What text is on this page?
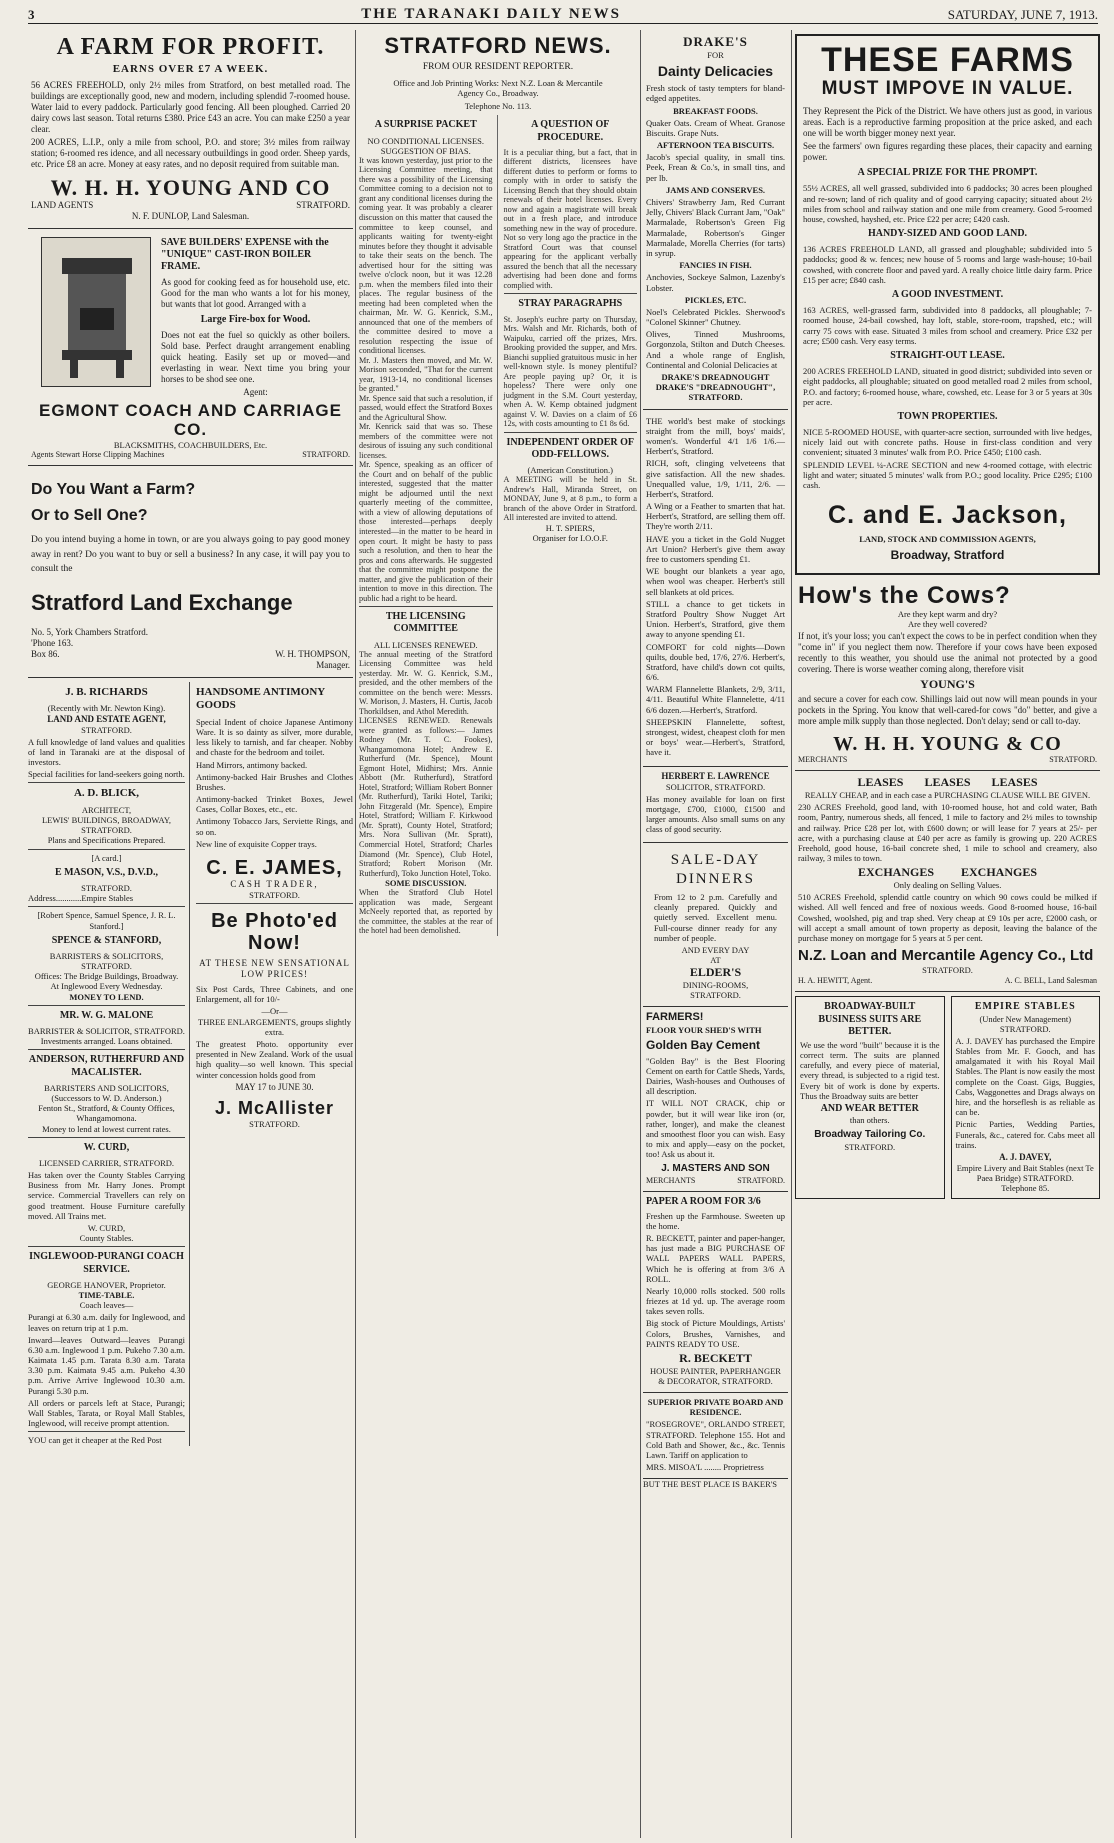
3	THE TARANAKI DAILY NEWS	SATURDAY, JUNE 7, 1913.
A FARM FOR PROFIT.
EARNS OVER £7 A WEEK.
56 ACRES FREEHOLD, only 2½ miles from Stratford, on best metalled road. The buildings are exceptionally good, new and modern, including splendid 7-roomed house. Water laid to every paddock. Particularly good fencing. All been ploughed. Carried 20 dairy cows last season. Total returns £380. Price £43 an acre. You can make £250 a year clear.
200 ACRES, L.I.P., only a mile from school, P.O. and store; 3½ miles from railway station; 6-roomed res idence, and all necessary outbuildings in good order. Sheep yards, etc. Price £8 an acre. Money at easy rates, and no deposit required from suitable man.
W. H. H. YOUNG AND CO
LAND AGENTS	STRATFORD.
N. F. DUNLOP, Land Salesman.
SAVE BUILDERS' EXPENSE with the "UNIQUE" CAST-IRON BOILER FRAME.
As good for cooking feed as for household use, etc. Good for the man who wants a lot for his money, but wants that lot good. Arranged with a
Large Fire-box for Wood.
Does not eat the fuel so quickly as other boilers. Sold base. Perfect draught arrangement enabling quick heating. Easily set up or moved—and everlasting in wear. Next time you bring your horses to be shod see one.
Agent:
EGMONT COACH AND CARRIAGE CO.
BLACKSMITHS, COACHBUILDERS, Etc.
Agents Stewart Horse Clipping Machines	STRATFORD.
Do You Want a Farm?
Or to Sell One?
Do you intend buying a home in town, or are you always going to pay good money away in rent? Do you want to buy or sell a business? In any case, it will pay you to consult the
Stratford Land Exchange
No. 5, York Chambers Stratford.
'Phone 163.
Box 86.	W. H. THOMPSON,
Manager.
J. B. RICHARDS
(Recently with Mr. Newton King).
LAND AND ESTATE AGENT,
STRATFORD.
A full knowledge of land values and qualities of land in Taranaki are at the disposal of investors.
Special facilities for land-seekers going north.
A. D. BLICK,
ARCHITECT,
LEWIS' BUILDINGS, BROADWAY, STRATFORD.
Plans and Specifications Prepared.
[A card.]
E MASON, V.S., D.V.D.,
STRATFORD.
Address............Empire Stables
[Robert Spence, Samuel Spence, J. R. L. Stanford.]
SPENCE & STANFORD,
BARRISTERS & SOLICITORS, STRATFORD.
Offices: The Bridge Buildings, Broadway.
At Inglewood Every Wednesday.
MONEY TO LEND.
MR. W. G. MALONE
BARRISTER & SOLICITOR, STRATFORD.
Investments arranged. Loans obtained.
ANDERSON, RUTHERFURD AND MACALISTER.
BARRISTERS AND SOLICITORS, (Successors to W. D. Anderson.)
Fenton St., Stratford, & County Offices, Whangamomona.
Money to lend at lowest current rates.
W. CURD,
LICENSED CARRIER, STRATFORD.
Has taken over the County Stables Carrying Business from Mr. Harry Jones. Prompt service. Commercial Travellers can rely on good treatment. House Furniture carefully moved. All Trains met.
W. CURD,
County Stables.
INGLEWOOD-PURANGI COACH SERVICE.
GEORGE HANOVER, Proprietor.
TIME-TABLE.
Coach leaves—
Purangi at 6.30 a.m. daily for Inglewood, and leaves on return trip at 1 p.m.
Inward—leaves Outward—leaves Purangi 6.30 a.m. Inglewood 1 p.m. Pukeho 7.30 a.m. Kaimata 1.45 p.m. Tarata 8.30 a.m. Tarata 3.30 p.m. Kaimata 9.45 a.m. Pukeho 4.30 p.m. Arrive Arrive Inglewood 10.30 a.m. Purangi 5.30 p.m.
All orders or parcels left at Stace, Purangi; Wall Stables, Tarata, or Royal Mall Stables, Inglewood, will receive prompt attention.
YOU can get it cheaper at the Red Post
HANDSOME ANTIMONY GOODS
Special Indent of choice Japanese Antimony Ware. It is so dainty as silver, more durable, less likely to tarnish, and far cheaper. Nobby and chaste for the bedroom and toilet.
Hand Mirrors, antimony backed.
Antimony-backed Hair Brushes and Clothes Brushes.
Antimony-backed Trinket Boxes, Jewel Cases, Collar Boxes, etc., etc.
Antimony Tobacco Jars, Serviette Rings, and so on.
New line of exquisite Copper trays.
C. E. JAMES,
CASH TRADER,
STRATFORD.
Be Photo'ed Now!
AT THESE NEW SENSATIONAL LOW PRICES!
Six Post Cards, Three Cabinets, and one Enlargement, all for 10/-
—Or—
THREE ENLARGEMENTS, groups slightly extra.
The greatest Photo. opportunity ever presented in New Zealand. Work of the usual high quality—so well known. This special winter concession holds good from
MAY 17 to JUNE 30.
J. McAllister
STRATFORD.
STRATFORD NEWS.
FROM OUR RESIDENT REPORTER.
Office and Job Printing Works: Next N.Z. Loan & Mercantile Agency Co., Broadway.
Telephone No. 113.
A SURPRISE PACKET
NO CONDITIONAL LICENSES.
SUGGESTION OF BIAS.
It was known yesterday, just prior to the Licensing Committee meeting, that there was a possibility of the Licensing Committee coming to a decision not to grant any conditional licenses during the coming year. It was probably a clearer discussion on this matter that caused the committee to keep counsel, and applicants waiting for twenty-eight minutes before they thought it advisable to take their seats on the bench. The advertised hour for the sitting was twelve o'clock noon, but it was 12.28 p.m. when the members filed into their places. The regular business of the meeting had been completed when the chairman, Mr. W. G. Kenrick, S.M., announced that one of the members of the committee desired to move a resolution respecting the issue of conditional licenses.
Mr. J. Masters then moved, and Mr. W. Morison seconded, "That for the current year, 1913-14, no conditional licenses be granted."
Mr. Spence said that such a resolution, if passed, would effect the Stratford Boxes and the Agricultural Show.
Mr. Kenrick said that was so. These members of the committee were not desirous of issuing any such conditional licenses.
Mr. Spence, speaking as an officer of the Court and on behalf of the public interested, suggested that the matter might be adjourned until the next quarterly meeting of the committee, with a view of allowing deputations of those interested—perhaps deeply interested—in the matter to be heard in open court. It might be hasty to pass such a resolution, and then to hear the pros and cons afterwards. He suggested that the committee might postpone the matter, and give the publication of their intention to move in this direction. The public had a right to be heard.
THE LICENSING COMMITTEE
ALL LICENSES RENEWED.
The annual meeting of the Stratford Licensing Committee was held yesterday. Mr. W. G. Kenrick, S.M., presided, and the other members of the committee on the bench were: Messrs. W. Morison, J. Masters, H. Curtis, Jacob Thorkildsen, and Athol Meredith.
LICENSES RENEWED. Renewals were granted as follows:— James Rodney (Mr. T. C. Fookes), Whangamomona Hotel; Andrew E. Rutherfurd (Mr. Spence), Mount Egmont Hotel, Midhirst; Mrs. Annie Abbott (Mr. Rutherfurd), Stratford Hotel, Stratford; William Robert Bonner (Mr. Rutherfurd), Tariki Hotel, Tariki; John Fitzgerald (Mr. Spence), Empire Hotel, Stratford; William F. Kirkwood (Mr. Spratt), County Hotel, Stratford; Mrs. Nora Sullivan (Mr. Spratt), Commercial Hotel, Stratford; Charles Diamond (Mr. Spence), Club Hotel, Stratford; Robert Morison (Mr. Rutherfurd), Toko Junction Hotel, Toko.
SOME DISCUSSION.
When the Stratford Club Hotel application was made, Sergeant McNeely reported that, as reported by the committee, the stables at the rear of the hotel had been demolished.
A QUESTION OF PROCEDURE.
It is a peculiar thing, but a fact, that in different districts, licensees have different duties to perform or forms to comply with in order to satisfy the Licensing Bench that they should obtain renewals of their hotel licenses. Every now and again a magistrate will break out in a fresh place, and introduce something new in the way of procedure. Not so very long ago the practice in the Stratford Court was that counsel appearing for the applicant verbally assured the bench that all the necessary advertising had been done and forms complied with.
STRAY PARAGRAPHS
St. Joseph's euchre party on Thursday, Mrs. Walsh and Mr. Richards, both of Waipuku, carried off the prizes, Mrs. Brooking provided the supper, and Mrs. Bianchi supplied gratuitous music in her well-known style. Is money plentiful? Are people paying up? Or, it is hopeless? There were only one judgment in the S.M. Court yesterday, when A. W. Kemp obtained judgment against V. W. Davies on a claim of £6 12s, with costs amounting to £1 8s 6d.
INDEPENDENT ORDER OF ODD-FELLOWS.
(American Constitution.)
A MEETING will be held in St. Andrew's Hall, Miranda Street, on MONDAY, June 9, at 8 p.m., to form a branch of the above Order in Stratford. All interested are invited to attend.
H. T. SPIERS,
Organiser for I.O.O.F.
DRAKE'S
FOR
Dainty Delicacies
Fresh stock of tasty tempters for bland-edged appetites.
BREAKFAST FOODS.
Quaker Oats. Cream of Wheat. Granose Biscuits. Grape Nuts.
AFTERNOON TEA BISCUITS.
Jacob's special quality, in small tins. Peek, Frean & Co.'s, in small tins, and per lb.
JAMS AND CONSERVES.
Chivers' Strawberry Jam, Red Currant Jelly, Chivers' Black Currant Jam, "Oak" Marmalade, Robertson's Green Fig Marmalade, Robertson's Ginger Marmalade, Morella Cherries (for tarts) in syrup.
FANCIES IN FISH.
Anchovies, Sockeye Salmon, Lazenby's Lobster.
PICKLES, ETC.
Noel's Celebrated Pickles. Sherwood's "Colonel Skinner" Chutney.
Olives, Tinned Mushrooms, Gorgonzola, Stilton and Dutch Cheeses. And a whole range of English, Continental and Colonial Delicacies at
DRAKE'S DREADNOUGHT DRAKE'S "DREADNOUGHT", STRATFORD.
THE world's best make of stockings straight from the mill, boys' maids', women's. Wonderful 4/1 1/6 1/6.—Herbert's, Stratford.
RICH, soft, clinging velveteens that give satisfaction. All the new shades. Unequalled value, 1/9, 1/11, 2/6. —Herbert's, Stratford.
A Wing or a Feather to smarten that hat. Herbert's, Stratford, are selling them off. They're worth 2/11.
HAVE you a ticket in the Gold Nugget Art Union? Herbert's give them away free to customers spending £1.
WE bought our blankets a year ago, when wool was cheaper. Herbert's still sell blankets at old prices.
STILL a chance to get tickets in Stratford Poultry Show Nugget Art Union. Herbert's, Stratford, give them away to anyone spending £1.
COMFORT for cold nights—Down quilts, double bed, 17/6, 27/6. Herbert's, Stratford, have child's down cot quilts, 6/6.
WARM Flannelette Blankets, 2/9, 3/11, 4/11. Beautiful White Flannelette, 4/11 6/6 dozen.—Herbert's, Stratford.
SHEEPSKIN Flannelette, softest, strongest, widest, cheapest cloth for men or boys' wear.—Herbert's, Stratford, have it.
HERBERT E. LAWRENCE
SOLICITOR, STRATFORD.
Has money available for loan on first mortgage, £700, £1000, £1500 and larger amounts. Also small sums on any class of good security.
SALE-DAY DINNERS
From 12 to 2 p.m. Carefully and cleanly prepared. Quickly and quietly served. Excellent menu. Full-course dinner ready for any number of people.
AND EVERY DAY
AT
ELDER'S
DINING-ROOMS,
STRATFORD.
FARMERS!
FLOOR YOUR SHED'S WITH
Golden Bay Cement
"Golden Bay" is the Best Flooring Cement on earth for Cattle Sheds, Yards, Dairies, Wash-houses and Outhouses of all description.
IT WILL NOT CRACK, chip or powder, but it will wear like iron (or, rather, longer), and make the cleanest and smoothest floor you can wish. Easy to mix and apply—easy on the pocket, too! Ask us about it.
J. MASTERS AND SON
MERCHANTS	STRATFORD.
PAPER A ROOM FOR 3/6
Freshen up the Farmhouse. Sweeten up the home.
R. BECKETT, painter and paper-hanger, has just made a BIG PURCHASE OF WALL PAPERS WALL PAPERS, Which he is offering at from 3/6 A ROLL.
Nearly 10,000 rolls stocked. 500 rolls friezes at 1d yd. up. The average room takes seven rolls.
Big stock of Picture Mouldings, Artists' Colors, Brushes, Varnishes, and PAINTS READY TO USE.
R. BECKETT
HOUSE PAINTER, PAPERHANGER & DECORATOR, STRATFORD.
SUPERIOR PRIVATE BOARD AND RESIDENCE.
"ROSEGROVE", ORLANDO STREET, STRATFORD. Telephone 155. Hot and Cold Bath and Shower, &c., &c. Tennis Lawn. Tariff on application to
MRS. MISOA'L ........ Proprietress
BUT THE BEST PLACE IS BAKER'S
THESE FARMS
MUST IMPOVE IN VALUE.
They Represent the Pick of the District. We have others just as good, in various areas. Each is a reproductive farming proposition at the price asked, and each one will be worth bigger money next year.
See the farmers' own figures regarding these places, their capacity and earning power.
A SPECIAL PRIZE FOR THE PROMPT.
55½ ACRES, all well grassed, subdivided into 6 paddocks; 30 acres been ploughed and re-sown; land of rich quality and of good carrying capacity; situated about 2½ miles from school and railway station and one mile from creamery. Good 5-roomed house, cowshed, hayshed, etc. Price £22 per acre; £420 cash.
HANDY-SIZED AND GOOD LAND.
136 ACRES FREEHOLD LAND, all grassed and ploughable; subdivided into 5 paddocks; good & w. fences; new house of 5 rooms and large wash-house; 10-bail cowshed, with concrete floor and paved yard. A really choice little dairy farm. Price £15 per acre; £840 cash.
A GOOD INVESTMENT.
163 ACRES, well-grassed farm, subdivided into 8 paddocks, all ploughable; 7-roomed house, 24-bail cowshed, hay loft, stable, store-room, trapshed, etc.; will carry 75 cows with ease. Situated 3 miles from school and creamery. Price £32 per acre; £500 cash. Very easy terms.
STRAIGHT-OUT LEASE.
200 ACRES FREEHOLD LAND, situated in good district; subdivided into seven or eight paddocks, all ploughable; situated on good metalled road 2 miles from school, P.O. and factory; 6-roomed house, whare, cowshed, etc. Lease for 3 or 5 years at 30s per acre.
TOWN PROPERTIES.
NICE 5-ROOMED HOUSE, with quarter-acre section, surrounded with live hedges, nicely laid out with concrete paths. House in first-class condition and very convenient; situated 3 minutes' walk from P.O. Price £450; £100 cash.
SPLENDID LEVEL ¼-ACRE SECTION and new 4-roomed cottage, with electric light and water; situated 5 minutes' walk from P.O.; good locality. Price £295; £100 cash.
C. and E. Jackson,
LAND, STOCK AND COMMISSION AGENTS,
Broadway, Stratford
How's the Cows?
Are they kept warm and dry?
Are they well covered?
If not, it's your loss; you can't expect the cows to be in perfect condition when they "come in" if you neglect them now. Therefore if your cows have been exposed recently to this weather, you should use the animal not protected by a good covering. There is worse weather coming along, therefore visit
YOUNG'S
and secure a cover for each cow. Shillings laid out now will mean pounds in your pockets in the Spring. You know that well-cared-for cows "do" better, and give a more ample milk supply than those neglected. Don't delay; send or call to-day.
W. H. H. YOUNG & CO
MERCHANTS	STRATFORD.
LEASES LEASES LEASES
REALLY CHEAP, and in each case a PURCHASING CLAUSE WILL BE GIVEN.
230 ACRES Freehold, good land, with 10-roomed house, hot and cold water, Bath room, Pantry, numerous sheds, all fenced, 1 mile to factory and 2½ miles to township and railway. Price £28 per lot, with £600 down; or will lease for 7 years at 25/- per acre, with a purchasing clause at £40 per acre as family is growing up. 220 ACRES Freehold, good house, 16-bail concrete shed, 1 mile to school and creamery, also railway, 3 miles to town.
EXCHANGES EXCHANGES
Only dealing on Selling Values.
510 ACRES Freehold, splendid cattle country on which 90 cows could be milked if wished. All well fenced and free of noxious weeds. Good 8-roomed house, 16-bail Cowshed, woolshed, pig and trap shed. Very cheap at £9 10s per acre, £2000 cash, or will accept a small amount of town property as deposit, leaving the balance of the purchase money on mortgage for 5 years at 5 per cent.
N.Z. Loan and Mercantile Agency Co., Ltd
STRATFORD.
H. A. HEWITT, Agent.	A. C. BELL, Land Salesman
BROADWAY-BUILT BUSINESS SUITS ARE BETTER.
We use the word "built" because it is the correct term. The suits are planned carefully, and every piece of material, every thread, is subjected to a rigid test. Every bit of work is done by experts. Thus the Broadway suits are better
AND WEAR BETTER
than others.
Broadway Tailoring Co.
STRATFORD.
EMPIRE STABLES
(Under New Management)
STRATFORD.
A. J. DAVEY has purchased the Empire Stables from Mr. F. Gooch, and has amalgamated it with his Royal Mail Stables. The Plant is now easily the most complete on the Coast. Gigs, Buggies, Cabs, Waggonettes and Drags always on hire, and the horseflesh is as reliable as can be.
Picnic Parties, Wedding Parties, Funerals, &c., catered for. Cabs meet all trains.
A. J. DAVEY,
Empire Livery and Bait Stables (next Te Paea Bridge) STRATFORD.
Telephone 85.
